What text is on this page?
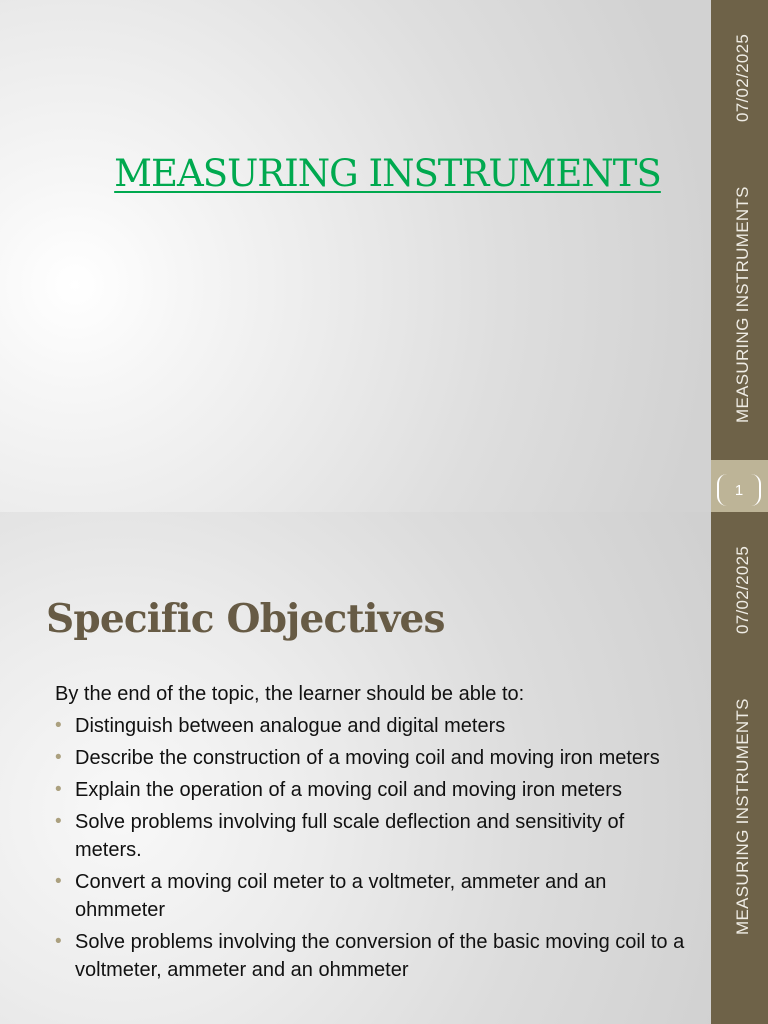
MEASURING INSTRUMENTS
07/02/2025
MEASURING INSTRUMENTS
1
Specific Objectives

By the end of the topic, the learner should be able to:

• Distinguish between analogue and digital meters
• Describe the construction of a moving coil and moving iron meters
• Explain the operation of a moving coil and moving iron meters
• Solve problems involving full scale deflection and sensitivity of meters.
• Convert a moving coil meter to a voltmeter, ammeter and an ohmmeter
• Solve problems involving the conversion of the basic moving coil to a voltmeter, ammeter and an ohmmeter
07/02/2025
MEASURING INSTRUMENTS
